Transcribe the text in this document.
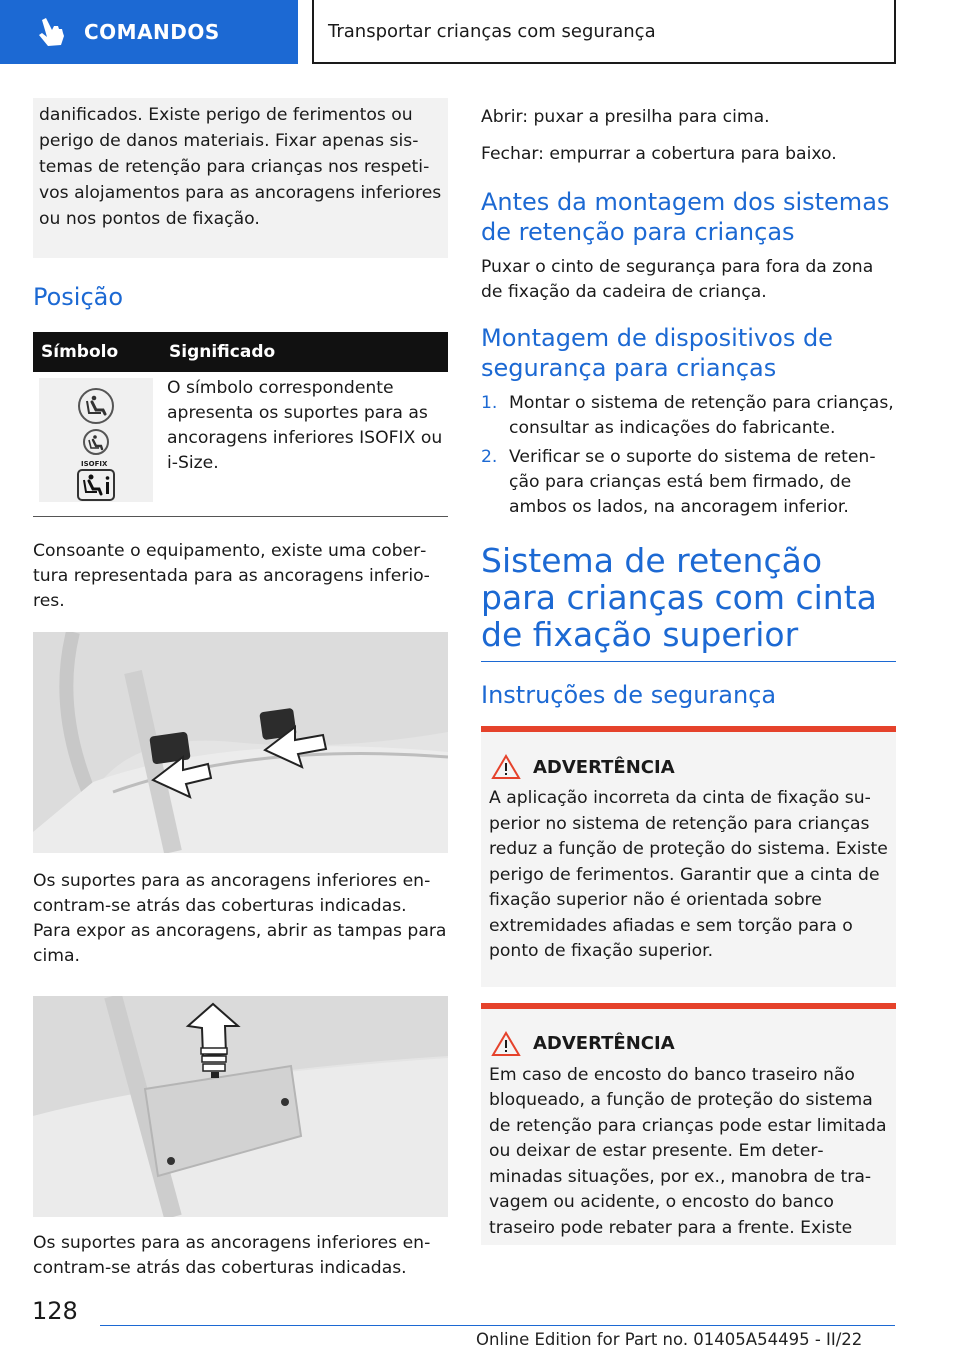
COMANDOS	Transportar crianças com segurança

danificados. Existe perigo de ferimentos ou perigo de danos materiais. Fixar apenas sistemas de retenção para crianças nos respetivos alojamentos para as ancoragens inferiores ou nos pontos de fixação.

Posição
Símbolo	Significado

ISOFIX	O símbolo correspondente apresenta os suportes para as ancoragens inferiores ISOFIX ou i-Size.

Consoante o equipamento, existe uma cobertura representada para as ancoragens inferiores.

Os suportes para as ancoragens inferiores encontram-se atrás das coberturas indicadas. Para expor as ancoragens, abrir as tampas para cima.

Os suportes para as ancoragens inferiores encontram-se atrás das coberturas indicadas.

Abrir: puxar a presilha para cima.

Fechar: empurrar a cobertura para baixo.

Antes da montagem dos sistemas de retenção para crianças

Puxar o cinto de segurança para fora da zona de fixação da cadeira de criança.

Montagem de dispositivos de segurança para crianças
1. Montar o sistema de retenção para crianças, consultar as indicações do fabricante.
2. Verificar se o suporte do sistema de retenção para crianças está bem firmado, de ambos os lados, na ancoragem inferior.
Sistema de retenção para crianças com cinta de fixação superior
Instruções de segurança
ADVERTÊNCIA

A aplicação incorreta da cinta de fixação superior no sistema de retenção para crianças reduz a função de proteção do sistema. Existe perigo de ferimentos. Garantir que a cinta de fixação superior não é orientada sobre extremidades afiadas e sem torção para o ponto de fixação superior.

ADVERTÊNCIA

Em caso de encosto do banco traseiro não bloqueado, a função de proteção do sistema de retenção para crianças pode estar limitada ou deixar de estar presente. Em determinadas situações, por ex., manobra de travagem ou acidente, o encosto do banco traseiro pode rebater para a frente. Existe

128
Online Edition for Part no. 01405A54495 - II/22
